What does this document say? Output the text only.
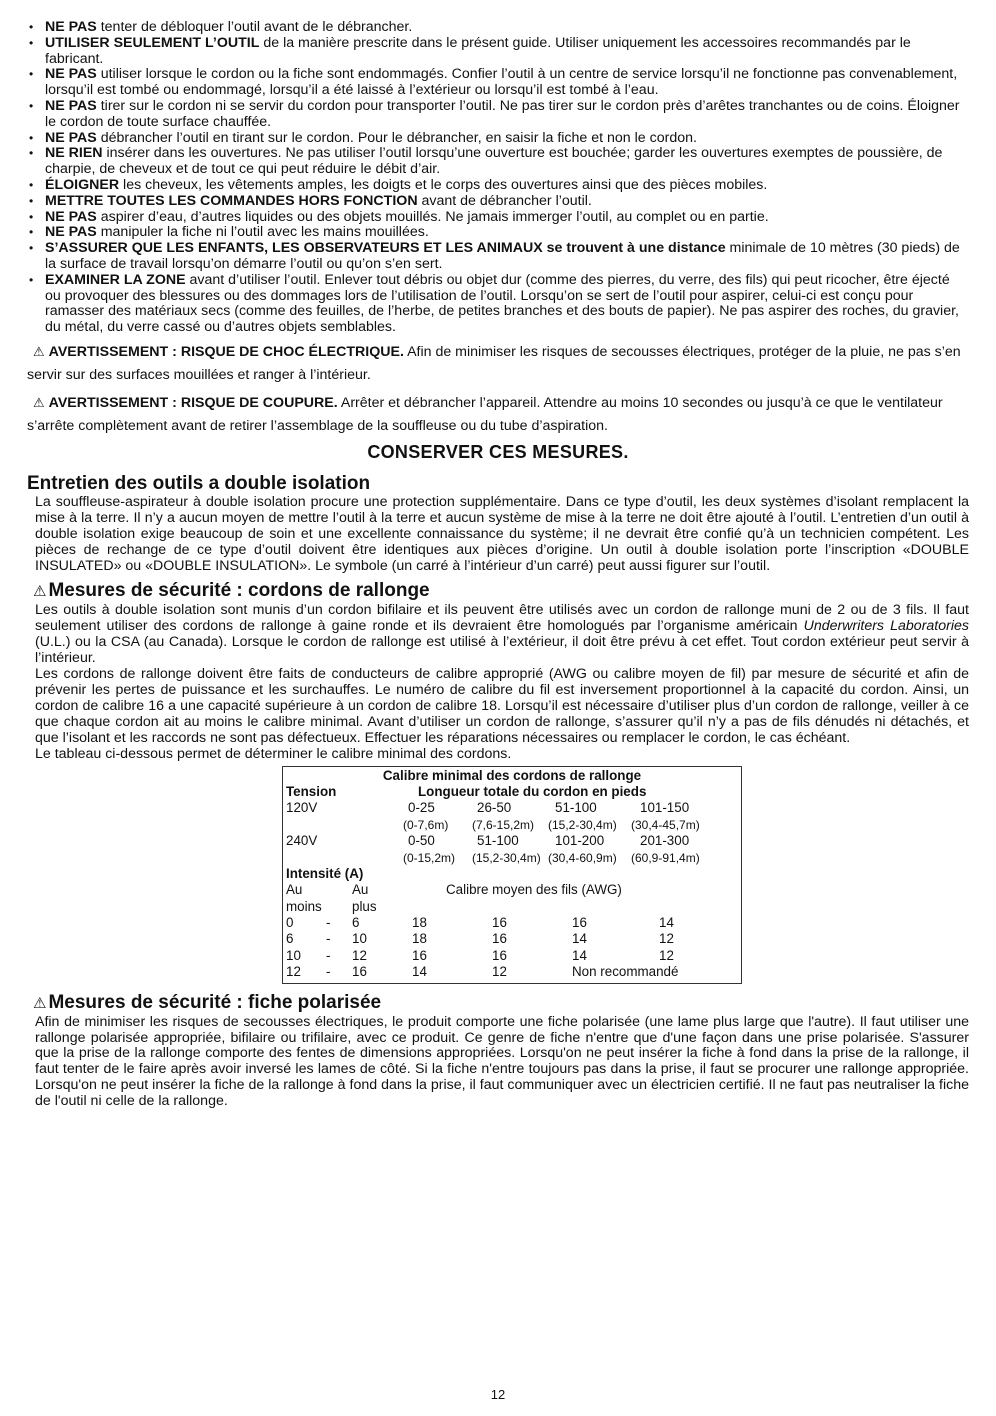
• NE PAS tenter de débloquer l’outil avant de le débrancher.
• UTILISER SEULEMENT L’OUTIL de la manière prescrite dans le présent guide. Utiliser uniquement les accessoires recommandés par le fabricant.
• NE PAS utiliser lorsque le cordon ou la fiche sont endommagés. Confier l’outil à un centre de service lorsqu’il ne fonctionne pas convenablement, lorsqu’il est tombé ou endommagé, lorsqu’il a été laissé à l’extérieur ou lorsqu’il est tombé à l’eau.
• NE PAS tirer sur le cordon ni se servir du cordon pour transporter l’outil. Ne pas tirer sur le cordon près d’arêtes tranchantes ou de coins. Éloigner le cordon de toute surface chauffée.
• NE PAS débrancher l’outil en tirant sur le cordon. Pour le débrancher, en saisir la fiche et non le cordon.
• NE RIEN insérer dans les ouvertures. Ne pas utiliser l’outil lorsqu’une ouverture est bouchée; garder les ouvertures exemptes de poussière, de charpie, de cheveux et de tout ce qui peut réduire le débit d’air.
• ÉLOIGNER les cheveux, les vêtements amples, les doigts et le corps des ouvertures ainsi que des pièces mobiles.
• METTRE TOUTES LES COMMANDES HORS FONCTION avant de débrancher l’outil.
• NE PAS aspirer d’eau, d’autres liquides ou des objets mouillés. Ne jamais immerger l’outil, au complet ou en partie.
• NE PAS manipuler la fiche ni l’outil avec les mains mouillées.
• S’ASSURER QUE LES ENFANTS, LES OBSERVATEURS ET LES ANIMAUX se trouvent à une distance minimale de 10 mètres (30 pieds) de la surface de travail lorsqu’on démarre l’outil ou qu’on s’en sert.
• EXAMINER LA ZONE avant d’utiliser l’outil. Enlever tout débris ou objet dur (comme des pierres, du verre, des fils) qui peut ricocher, être éjecté ou provoquer des blessures ou des dommages lors de l’utilisation de l’outil. Lorsqu’on se sert de l’outil pour aspirer, celui-ci est conçu pour ramasser des matériaux secs (comme des feuilles, de l’herbe, de petites branches et des bouts de papier). Ne pas aspirer des roches, du gravier, du métal, du verre cassé ou d’autres objets semblables.

⚠ AVERTISSEMENT : RISQUE DE CHOC ÉLECTRIQUE. Afin de minimiser les risques de secousses électriques, protéger de la pluie, ne pas s’en servir sur des surfaces mouillées et ranger à l’intérieur.

⚠ AVERTISSEMENT : RISQUE DE COUPURE. Arrêter et débrancher l’appareil. Attendre au moins 10 secondes ou jusqu’à ce que le ventilateur s’arrête complètement avant de retirer l’assemblage de la souffleuse ou du tube d’aspiration.

CONSERVER CES MESURES.
Entretien des outils a double isolation

La souffleuse-aspirateur à double isolation procure une protection supplémentaire. Dans ce type d’outil, les deux systèmes d’isolant remplacent la mise à la terre. Il n’y a aucun moyen de mettre l’outil à la terre et aucun système de mise à la terre ne doit être ajouté à l’outil. L’entretien d’un outil à double isolation exige beaucoup de soin et une excellente connaissance du système; il ne devrait être confié qu’à un technicien compétent. Les pièces de rechange de ce type d’outil doivent être identiques aux pièces d’origine. Un outil à double isolation porte l’inscription «DOUBLE INSULATED» ou «DOUBLE INSULATION». Le symbole (un carré à l’intérieur d’un carré) peut aussi figurer sur l’outil.

⚠ Mesures de sécurité : cordons de rallonge

Les outils à double isolation sont munis d’un cordon bifilaire et ils peuvent être utilisés avec un cordon de rallonge muni de 2 ou de 3 fils. Il faut seulement utiliser des cordons de rallonge à gaine ronde et ils devraient être homologués par l’organisme américain Underwriters Laboratories (U.L.) ou la CSA (au Canada). Lorsque le cordon de rallonge est utilisé à l’extérieur, il doit être prévu à cet effet. Tout cordon extérieur peut servir à l’intérieur.

Les cordons de rallonge doivent être faits de conducteurs de calibre approprié (AWG ou calibre moyen de fil) par mesure de sécurité et afin de prévenir les pertes de puissance et les surchauffes. Le numéro de calibre du fil est inversement proportionnel à la capacité du cordon. Ainsi, un cordon de calibre 16 a une capacité supérieure à un cordon de calibre 18. Lorsqu’il est nécessaire d’utiliser plus d’un cordon de rallonge, veiller à ce que chaque cordon ait au moins le calibre minimal. Avant d’utiliser un cordon de rallonge, s’assurer qu’il n’y a pas de fils dénudés ni détachés, et que l’isolant et les raccords ne sont pas défectueux. Effectuer les réparations nécessaires ou remplacer le cordon, le cas échéant.

Le tableau ci-dessous permet de déterminer le calibre minimal des cordons.

Calibre minimal des cordons de rallonge
Tension	Longueur totale du cordon en pieds
120V	0-25	26-50	51-100	101-150
(0-7,6m) (7,6-15,2m) (15,2-30,4m) (30,4-45,7m)
240V	0-50	51-100	101-200	201-300
(0-15,2m) (15,2-30,4m) (30,4-60,9m) (60,9-91,4m)
Intensité (A)
Au	Au	Calibre moyen des fils (AWG)
moins plus
0 - 6	18	16	16	14
6 - 10	18	16	14	12
10 - 12	16	16	14	12
12 - 16	14	12	Non recommandé
⚠ Mesures de sécurité : fiche polarisée

Afin de minimiser les risques de secousses électriques, le produit comporte une fiche polarisée (une lame plus large que l'autre). Il faut utiliser une rallonge polarisée appropriée, bifilaire ou trifilaire, avec ce produit. Ce genre de fiche n'entre que d'une façon dans une prise polarisée. S'assurer que la prise de la rallonge comporte des fentes de dimensions appropriées. Lorsqu'on ne peut insérer la fiche à fond dans la prise de la rallonge, il faut tenter de le faire après avoir inversé les lames de côté. Si la fiche n'entre toujours pas dans la prise, il faut se procurer une rallonge appropriée. Lorsqu'on ne peut insérer la fiche de la rallonge à fond dans la prise, il faut communiquer avec un électricien certifié. Il ne faut pas neutraliser la fiche de l'outil ni celle de la rallonge.

12
